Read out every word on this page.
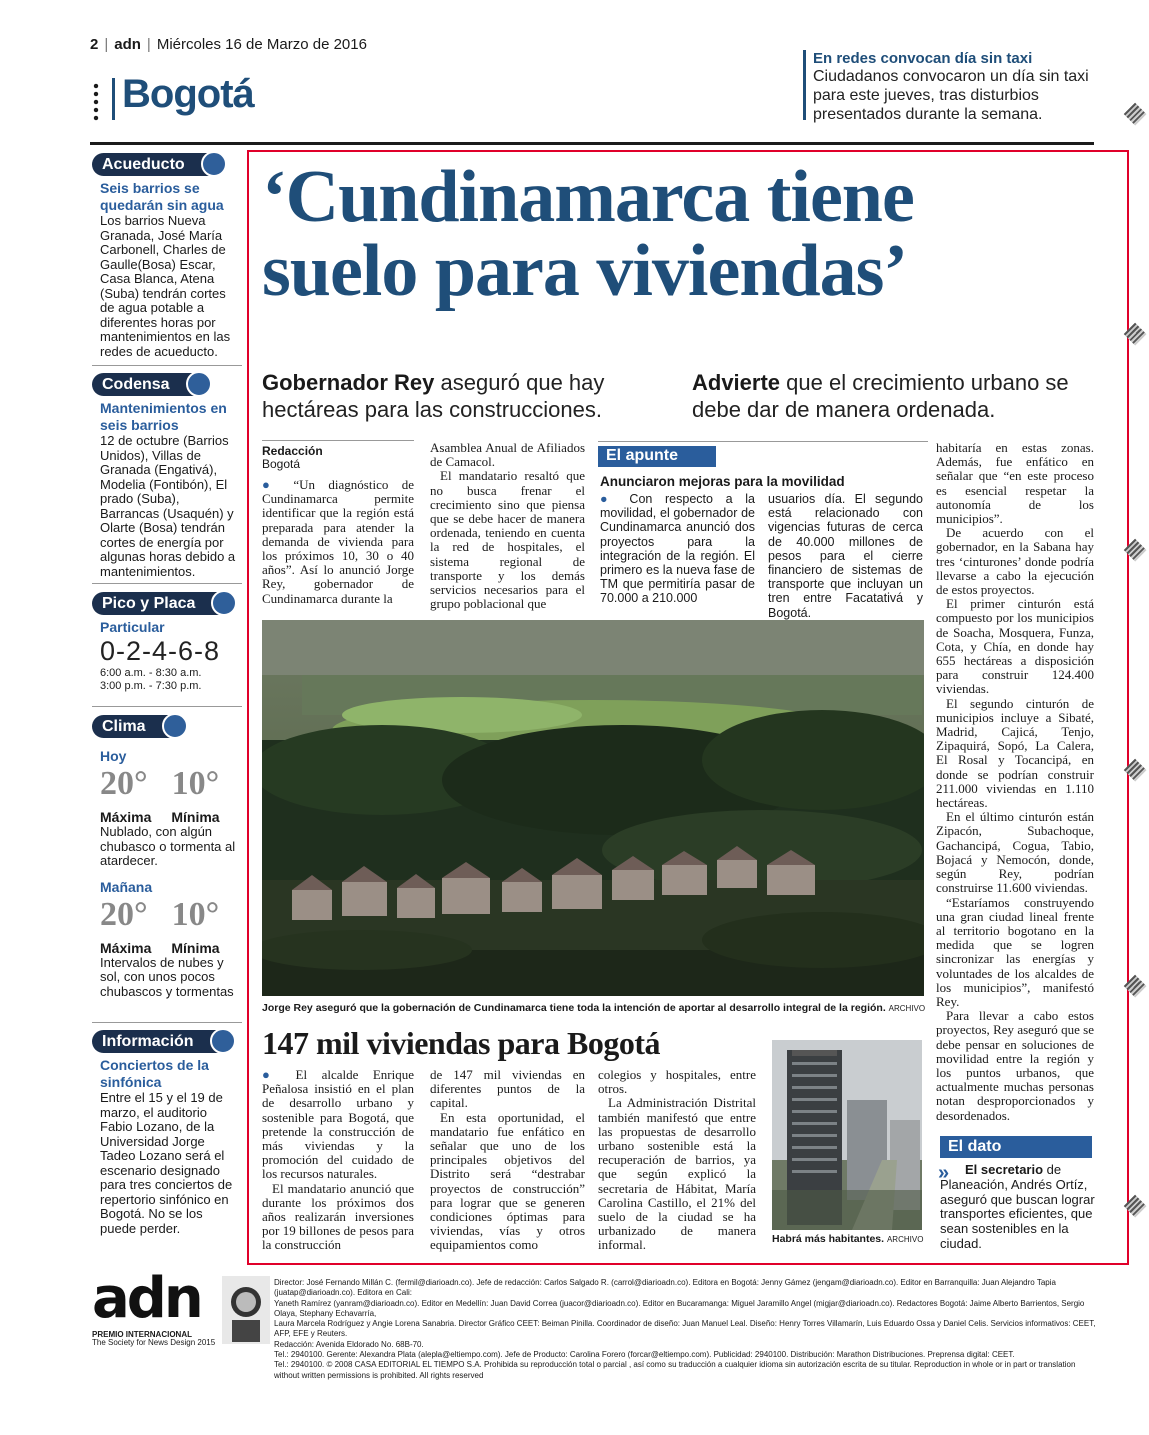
2 | adn | Miércoles 16 de Marzo de 2016
Bogotá
En redes convocan día sin taxi
Ciudadanos convocaron un día sin taxi para este jueves, tras disturbios presentados durante la semana.
Acueducto
Seis barrios se quedarán sin agua
Los barrios Nueva Granada, José María Carbonell, Charles de Gaulle(Bosa) Escar, Casa Blanca, Atena (Suba) tendrán cortes de agua potable a diferentes horas por mantenimientos en las redes de acueducto.
Codensa
Mantenimientos en seis barrios
12 de octubre (Barrios Unidos), Villas de Granada (Engativá), Modelia (Fontibón), El prado (Suba), Barrancas (Usaquén) y Olarte (Bosa) tendrán cortes de energía por algunas horas debido a mantenimientos.
Pico y Placa
Particular
0-2-4-6-8
6:00 a.m. - 8:30 a.m.
3:00 p.m. - 7:30 p.m.
Clima
Hoy
20° 10°
Máxima Mínima
Nublado, con algún chubasco o tormenta al atardecer.
Mañana
20° 10°
Máxima Mínima
Intervalos de nubes y sol, con unos pocos chubascos y tormentas
Información
Conciertos de la sinfónica
Entre el 15 y el 19 de marzo, el auditorio Fabio Lozano, de la Universidad Jorge Tadeo Lozano será el escenario designado para tres conciertos de repertorio sinfónico en Bogotá. No se los puede perder.
‘Cundinamarca tiene
suelo para viviendas’
Gobernador Rey aseguró que hay hectáreas para las construcciones.
Advierte que el crecimiento urbano se debe dar de manera ordenada.
Redacción
Bogotá

● “Un diagnóstico de Cundinamarca permite identificar que la región está preparada para atender la demanda de vivienda para los próximos 10, 30 o 40 años”. Así lo anunció Jorge Rey, gobernador de Cundinamarca durante la

Asamblea Anual de Afiliados de Camacol.

El mandatario resaltó que no busca frenar el crecimiento sino que piensa que se debe hacer de manera ordenada, teniendo en cuenta la red de hospitales, el sistema regional de transporte y los demás servicios necesarios para el grupo poblacional que

El apunte
Anunciaron mejoras para la movilidad
● Con respecto a la movilidad, el gobernador de Cundinamarca anunció dos proyectos para la integración de la región. El primero es la nueva fase de TM que permitiría pasar de 70.000 a 210.000
usuarios día. El segundo está relacionado con vigencias futuras de cerca de 40.000 millones de pesos para el cierre financiero de sistemas de transporte que incluyan un tren entre Facatativá y Bogotá.

habitaría en estas zonas. Además, fue enfático en señalar que “en este proceso es esencial respetar la autonomía de los municipios”.

De acuerdo con el gobernador, en la Sabana hay tres ‘cinturones’ donde podría llevarse a cabo la ejecución de estos proyectos.

El primer cinturón está compuesto por los municipios de Soacha, Mosquera, Funza, Cota, y Chía, en donde hay 655 hectáreas a disposición para construir 124.400 viviendas.

El segundo cinturón de municipios incluye a Sibaté, Madrid, Cajicá, Tenjo, Zipaquirá, Sopó, La Calera, El Rosal y Tocancipá, en donde se podrían construir 211.000 viviendas en 1.110 hectáreas.

En el último cinturón están Zipacón, Subachoque, Gachancipá, Cogua, Tabio, Bojacá y Nemocón, donde, según Rey, podrían construirse 11.600 viviendas.

“Estaríamos construyendo una gran ciudad lineal frente al territorio bogotano en la medida que se logren sincronizar las energías y voluntades de los alcaldes de los municipios”, manifestó Rey.

Para llevar a cabo estos proyectos, Rey aseguró que se debe pensar en soluciones de movilidad entre la región y los puntos urbanos, que actualmente muchas personas notan desproporcionados y desordenados.

Jorge Rey aseguró que la gobernación de Cundinamarca tiene toda la intención de aportar al desarrollo integral de la región. ARCHIVO
147 mil viviendas para Bogotá

● El alcalde Enrique Peñalosa insistió en el plan de desarrollo urbano y sostenible para Bogotá, que pretende la construcción de más viviendas y la promoción del cuidado de los recursos naturales.

El mandatario anunció que durante los próximos dos años realizarán inversiones por 19 billones de pesos para la construcción

de 147 mil viviendas en diferentes puntos de la capital.

En esta oportunidad, el mandatario fue enfático en señalar que uno de los principales objetivos del Distrito será “destrabar proyectos de construcción” para lograr que se generen condiciones óptimas para viviendas, vías y otros equipamientos como

colegios y hospitales, entre otros.

La Administración Distrital también manifestó que entre las propuestas de desarrollo urbano sostenible está la recuperación de barrios, ya que según explicó la secretaria de Hábitat, María Carolina Castillo, el 21% del suelo de la ciudad se ha urbanizado de manera informal.	Habrá más habitantes. ARCHIVO
El dato
»	El secretario de Planeación, Andrés Ortíz, aseguró que buscan lograr transportes eficientes, que sean sostenibles en la ciudad.
adn
PREMIO INTERNACIONAL
The Society for News Design 2015
Director: José Fernando Millán C. (fermil@diarioadn.co). Jefe de redacción: Carlos Salgado R. (carrol@diarioadn.co). Editora en Bogotá: Jenny Gámez (jengam@diarioadn.co). Editor en Barranquilla: Juan Alejandro Tapia (juatap@diarioadn.co). Editora en Cali:
Yaneth Ramírez (yanram@diarioadn.co). Editor en Medellín: Juan David Correa (juacor@diarioadn.co). Editor en Bucaramanga: Miguel Jaramillo Angel (migjar@diarioadn.co). Redactores Bogotá: Jaime Alberto Barrientos, Sergio Olaya, Stephany Echavarría,
Laura Marcela Rodríguez y Angie Lorena Sanabria. Director Gráfico CEET: Beiman Pinilla. Coordinador de diseño: Juan Manuel Leal. Diseño: Henry Torres Villamarín, Luis Eduardo Ossa y Daniel Celis. Servicios informativos: CEET, AFP, EFE y Reuters.
Redacción: Avenida Eldorado No. 68B-70.
Tel.: 2940100. Gerente: Alexandra Plata (aleplа@eltiempo.com). Jefe de Producto: Carolina Forero (forcar@eltiempo.com). Publicidad: 2940100. Distribución: Marathon Distribuciones. Preprensa digital: CEET.
Tel.: 2940100. © 2008 CASA EDITORIAL EL TIEMPO S.A. Prohibida su reproducción total o parcial , así como su traducción a cualquier idioma sin autorización escrita de su titular. Reproduction in whole or in part or translation without written permissions is prohibited. All rights reserved
